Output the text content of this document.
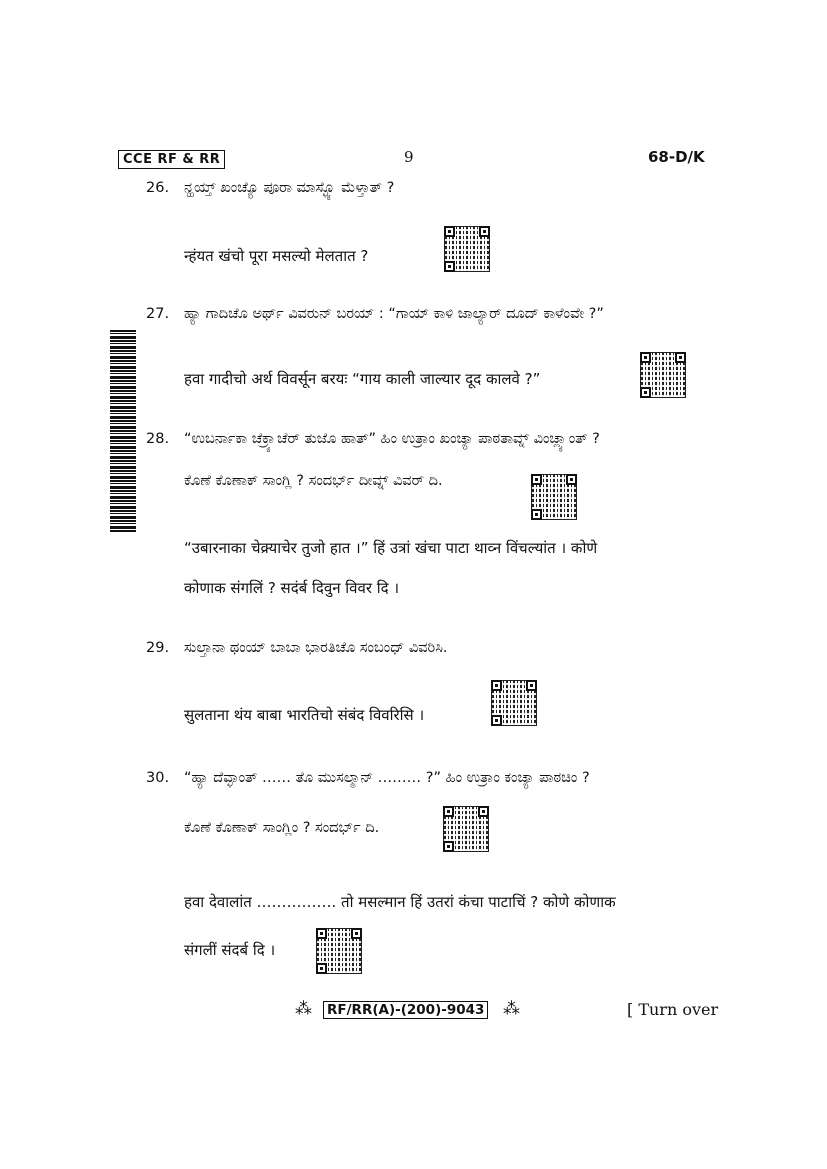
CCE RF & RR	9	68-D/K
26. ನ್ಹಯ್ತ್ ಖಂಚ್ಯೊ ಪೂರಾ ಮಾಸ್ಳ್ಯೊ ಮೆಳ್ತಾತ್ ?
न्हंयत खंचो पूरा मसल्यो मेलतात ?
27. ಹ್ಯಾ ಗಾದಿಚೊ ಅರ್ಥ್ ವಿವರುನ್ ಬರಯ್ : “ಗಾಯ್ ಕಾಳಿ ಜಾಲ್ಯಾರ್ ದೂದ್ ಕಾಳೆಂವೇ ?”
हवा गादीचो अर्थ विवर्सून बरयः “गाय काली जाल्यार दूद कालवे ?”
28. “ಉಬರ್ನಾಕಾ ಚೆಕ್ರ್ಯಾಚೆರ್ ತುಜೊ ಹಾತ್” ಹಿಂ ಉತ್ರಾಂ ಖಂಚ್ಯಾ ಪಾಠತಾವ್ನ್ ವಿಂಚ್ಲ್ಯಾಂತ್ ?
ಕೊಣೆ ಕೊಣಾಕ್ ಸಾಂಗ್ಲಿ ? ಸಂದರ್ಭ್ ದೀವ್ನ್ ವಿವರ್ ದಿ.
“उबारनाका चेक्र्याचेर तुजो हात ।” हिं उत्रां खंचा पाटा थाव्न विंचल्यांत । कोणे
कोणाक संगलिं ? सदंर्ब दिवुन विवर दि ।
29. ಸುಲ್ತಾನಾ ಥಂಯ್ ಬಾಬಾ ಭಾರತಿಚೊ ಸಂಬಂಧ್ ವಿವರಿಸಿ.
सुलताना थंय बाबा भारतिचो संबंद विवरिसि ।
30. “ಹ್ಯಾ ದೆವ್ಳಾಂತ್ …… ತೊ ಮುಸಲ್ಮಾನ್ ……… ?” ಹಿಂ ಉತ್ರಾಂ ಕಂಚ್ಯಾ ಪಾಠಚಿಂ ?
ಕೊಣೆ ಕೊಣಾಕ್ ಸಾಂಗ್ಲಿಂ ? ಸಂದರ್ಭ್ ದಿ.
हवा देवालांत ……………. तो मसल्मान हिं उतरां कंचा पाटाचिं ? कोणे कोणाक
संगलीं संदर्ब दि ।
⁂ RF/RR(A)-(200)-9043 ⁂	[ Turn over
